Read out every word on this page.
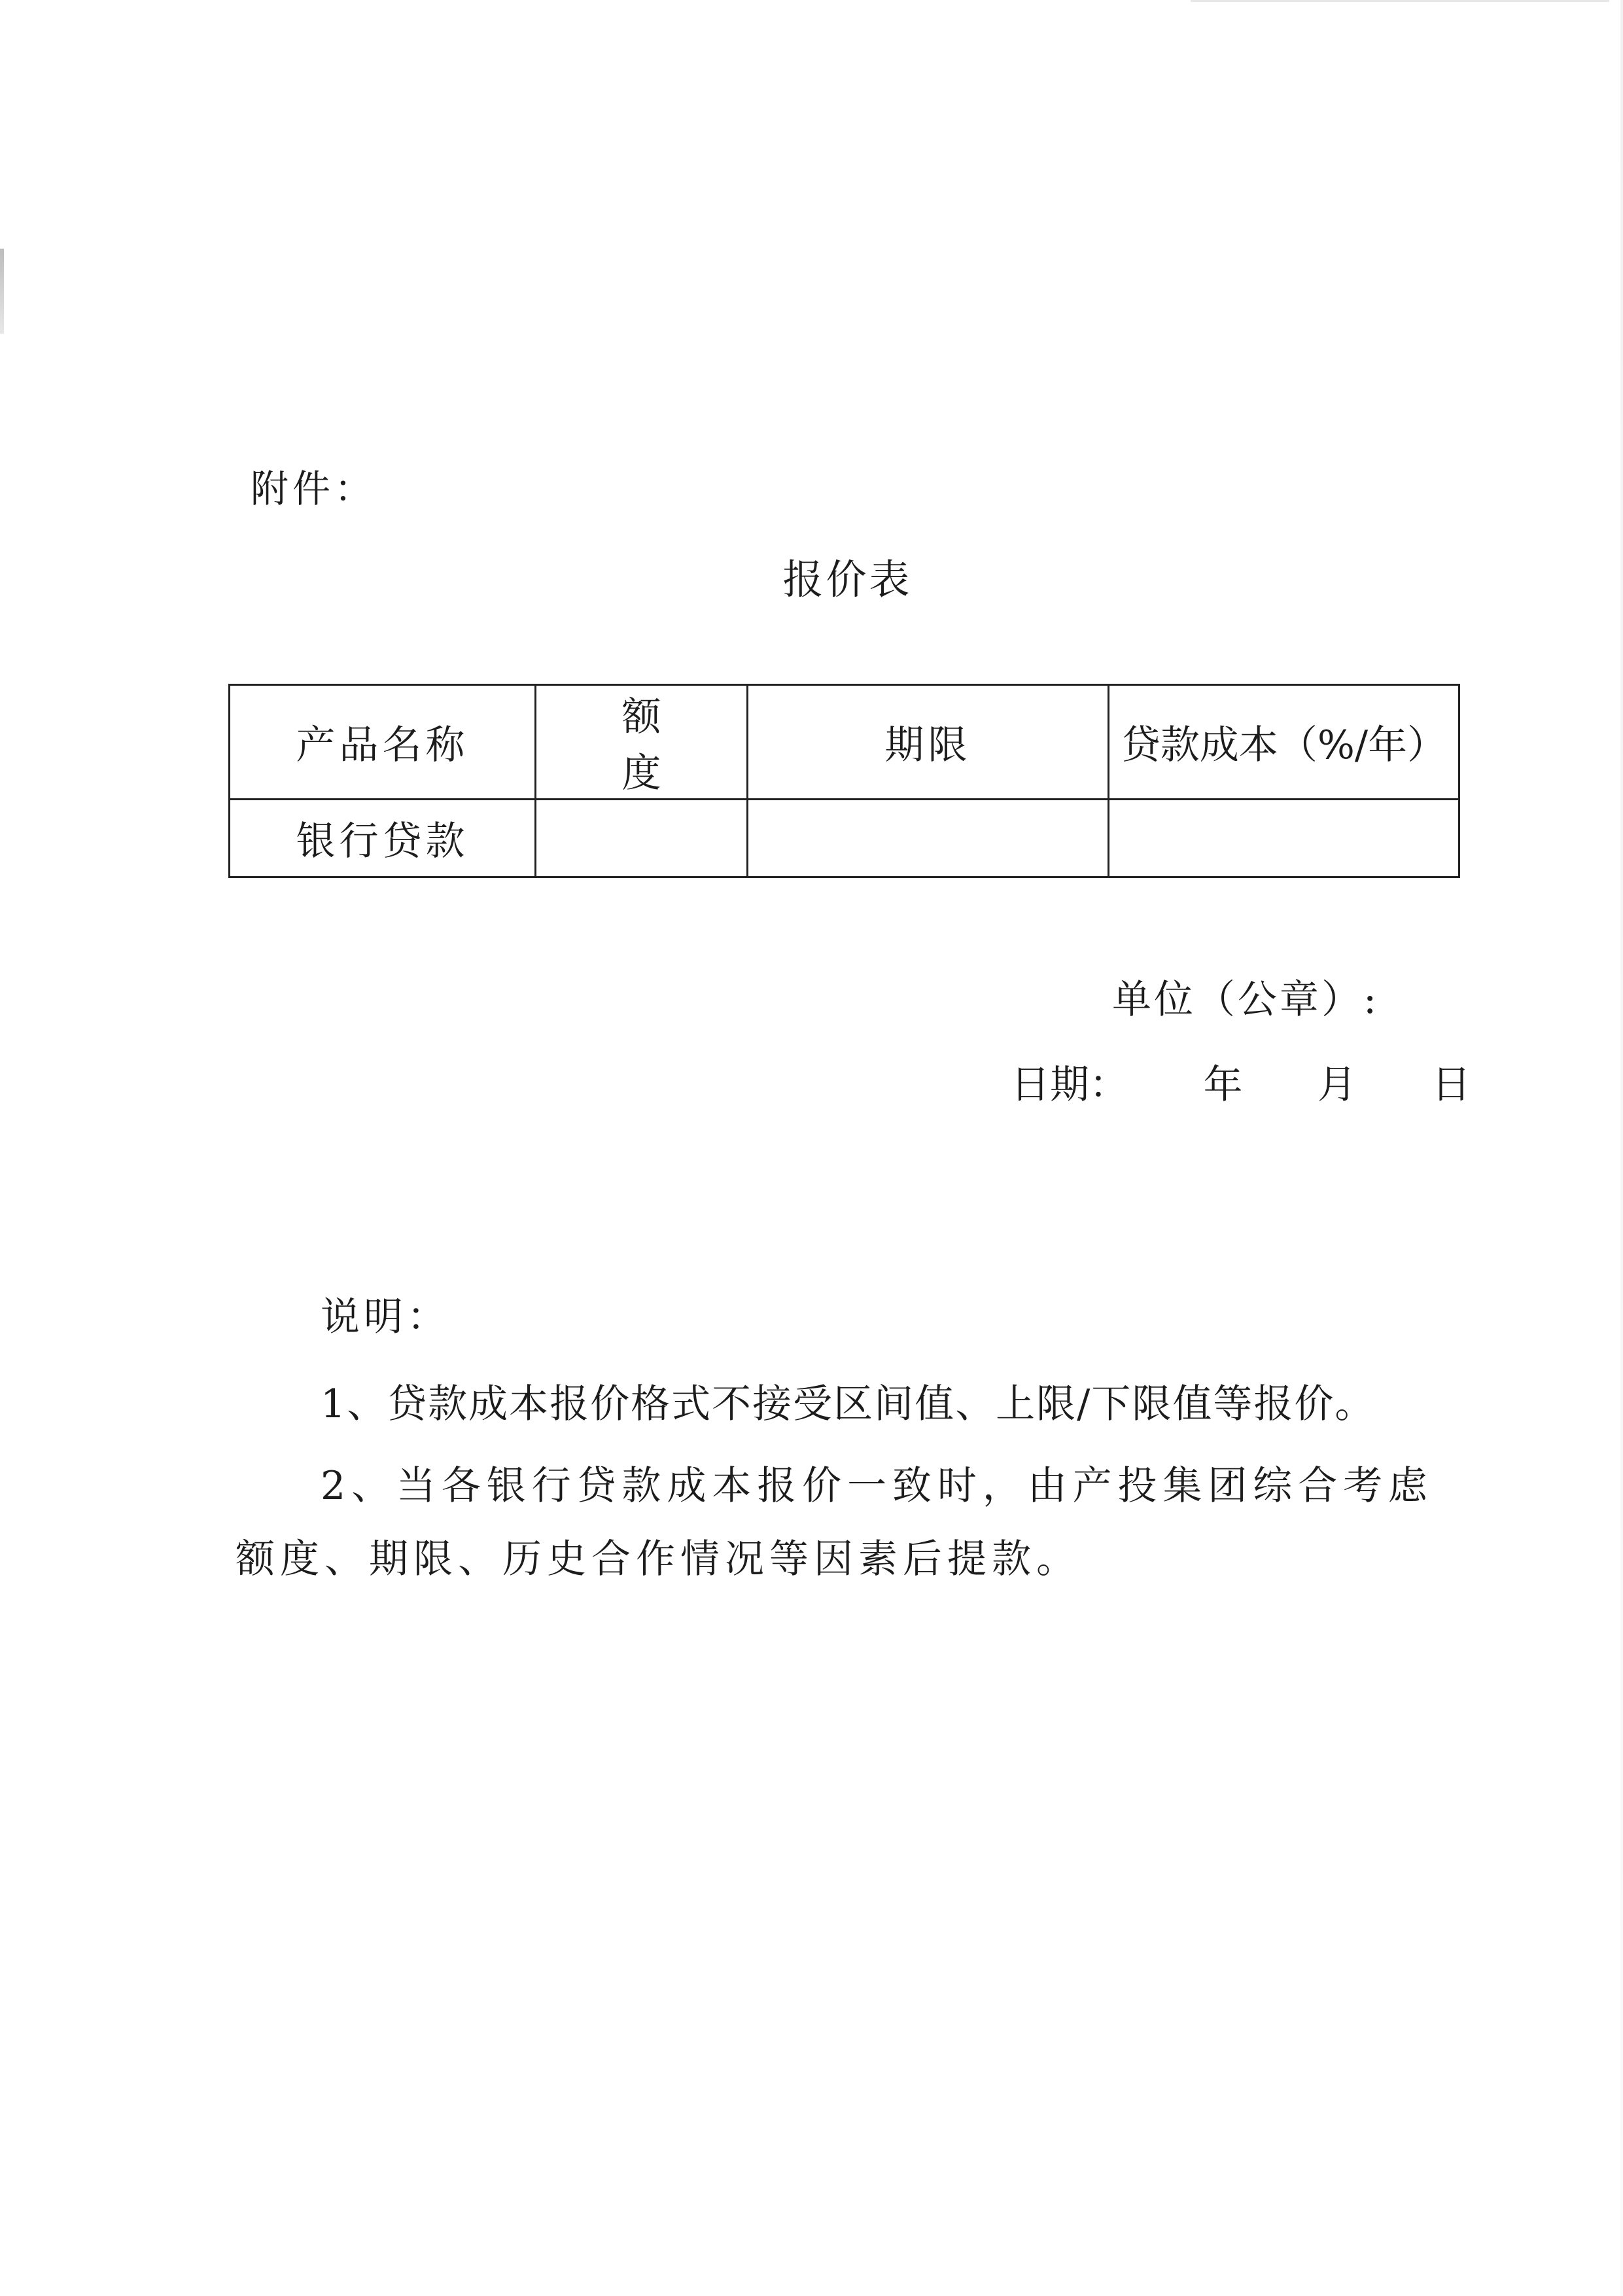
附件：
报价表
产品名称	额度	期限	贷款成本（%/年）
银行贷款			
单位（公章）:
日期： 年 月 日
说明：
1、贷款成本报价格式不接受区间值、上限/下限值等报价。
2、当各银行贷款成本报价一致时，由产投集团综合考虑额度、期限、历史合作情况等因素后提款。
